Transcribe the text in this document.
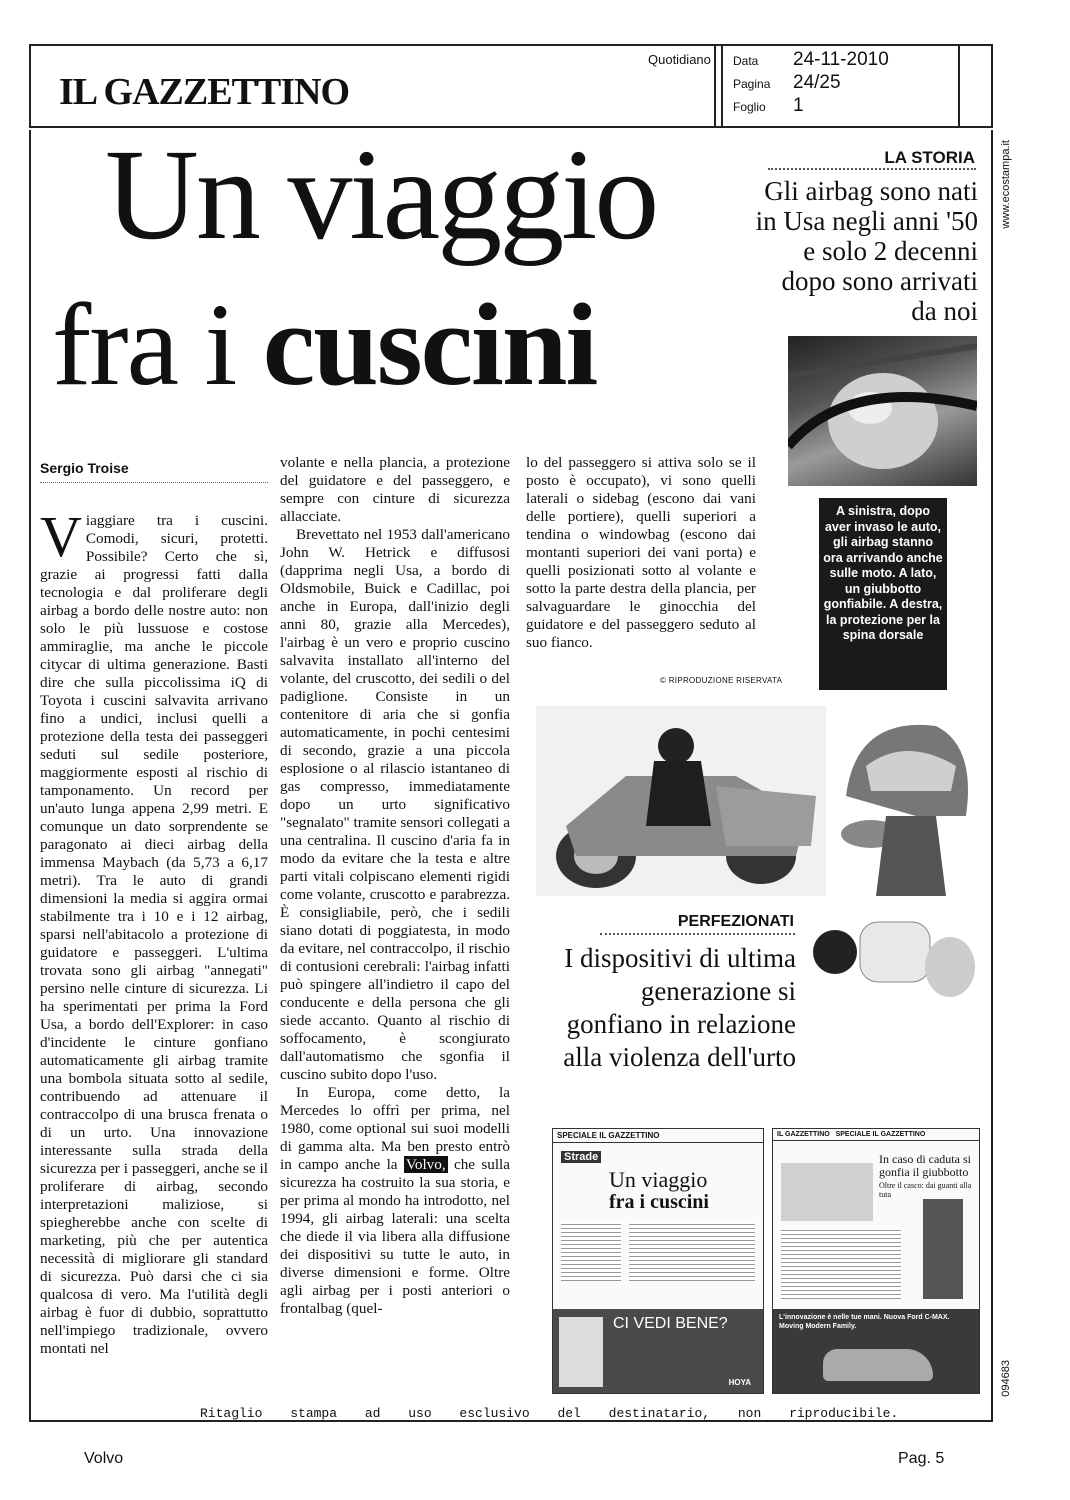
IL GAZZETTINO
Quotidiano Data 24-11-2010
Pagina 24/25
Foglio 1
Un viaggio
fra i cuscini
LA STORIA
Gli airbag sono nati in Usa negli anni '50 e solo 2 decenni dopo sono arrivati da noi
Sergio Troise
Viaggiare tra i cuscini. Comodi, sicuri, protetti. Possibile? Certo che sì, grazie ai progressi fatti dalla tecnologia e dal proliferare degli airbag a bordo delle nostre auto: non solo le più lussuose e costose ammiraglie, ma anche le piccole citycar di ultima generazione. Basti dire che sulla piccolissima iQ di Toyota i cuscini salvavita arrivano fino a undici, inclusi quelli a protezione della testa dei passeggeri seduti sul sedile posteriore, maggiormente esposti al rischio di tamponamento. Un record per un'auto lunga appena 2,99 metri. E comunque un dato sorprendente se paragonato ai dieci airbag della immensa Maybach (da 5,73 a 6,17 metri). Tra le auto di grandi dimensioni la media si aggira ormai stabilmente tra i 10 e i 12 airbag, sparsi nell'abitacolo a protezione di guidatore e passeggeri. L'ultima trovata sono gli airbag "annegati" persino nelle cinture di sicurezza. Li ha sperimentati per prima la Ford Usa, a bordo dell'Explorer: in caso d'incidente le cinture gonfiano automaticamente gli airbag tramite una bombola situata sotto al sedile, contribuendo ad attenuare il contraccolpo di una brusca frenata o di un urto. Una innovazione interessante sulla strada della sicurezza per i passeggeri, anche se il proliferare di airbag, secondo interpretazioni maliziose, si spiegherebbe anche con scelte di marketing, più che per autentica necessità di migliorare gli standard di sicurezza. Può darsi che ci sia qualcosa di vero. Ma l'utilità degli airbag è fuor di dubbio, soprattutto nell'impiego tradizionale, ovvero montati nel

volante e nella plancia, a protezione del guidatore e del passeggero, e sempre con cinture di sicurezza allacciate.

Brevettato nel 1953 dall'americano John W. Hetrick e diffusosi (dapprima negli Usa, a bordo di Oldsmobile, Buick e Cadillac, poi anche in Europa, dall'inizio degli anni 80, grazie alla Mercedes), l'airbag è un vero e proprio cuscino salvavita installato all'interno del volante, del cruscotto, dei sedili o del padiglione. Consiste in un contenitore di aria che si gonfia automaticamente, in pochi centesimi di secondo, grazie a una piccola esplosione o al rilascio istantaneo di gas compresso, immediatamente dopo un urto significativo "segnalato" tramite sensori collegati a una centralina. Il cuscino d'aria fa in modo da evitare che la testa e altre parti vitali colpiscano elementi rigidi come volante, cruscotto e parabrezza. È consigliabile, però, che i sedili siano dotati di poggiatesta, in modo da evitare, nel contraccolpo, il rischio di contusioni cerebrali: l'airbag infatti può spingere all'indietro il capo del conducente e della persona che gli siede accanto. Quanto al rischio di soffocamento, è scongiurato dall'automatismo che sgonfia il cuscino subito dopo l'uso.

In Europa, come detto, la Mercedes lo offrì per prima, nel 1980, come optional sui suoi modelli di gamma alta. Ma ben presto entrò in campo anche la Volvo, che sulla sicurezza ha costruito la sua storia, e per prima al mondo ha introdotto, nel 1994, gli airbag laterali: una scelta che diede il via libera alla diffusione dei dispositivi su tutte le auto, in diverse dimensioni e forme. Oltre agli airbag per i posti anteriori o frontalbag (quel-

lo del passeggero si attiva solo se il posto è occupato), vi sono quelli laterali o sidebag (escono dai vani delle portiere), quelli superiori a tendina o windowbag (escono dai montanti superiori dei vani porta) e quelli posizionati sotto al volante e sotto la parte destra della plancia, per salvaguardare le ginocchia del guidatore e del passeggero seduto al suo fianco.
© RIPRODUZIONE RISERVATA
A sinistra, dopo aver invaso le auto, gli airbag stanno ora arrivando anche sulle moto. A lato, un giubbotto gonfiabile. A destra, la protezione per la spina dorsale
PERFEZIONATI
I dispositivi di ultima generazione si gonfiano in relazione alla violenza dell'urto
SPECIALE IL GAZZETTINO
Strade
Un viaggio
fra i cuscini
CI VEDI BENE?
HOYA
IL GAZZETTINO   SPECIALE IL GAZZETTINO
In caso di caduta si gonfia il giubbotto
Oltre il casco: dai guanti alla tuta
L'innovazione è nelle tue mani. Nuova Ford C-MAX. Moving Modern Family.
Ritaglio stampa ad uso esclusivo del destinatario, non riproducibile.
www.ecostampa.it
094683
Volvo	Pag. 5
